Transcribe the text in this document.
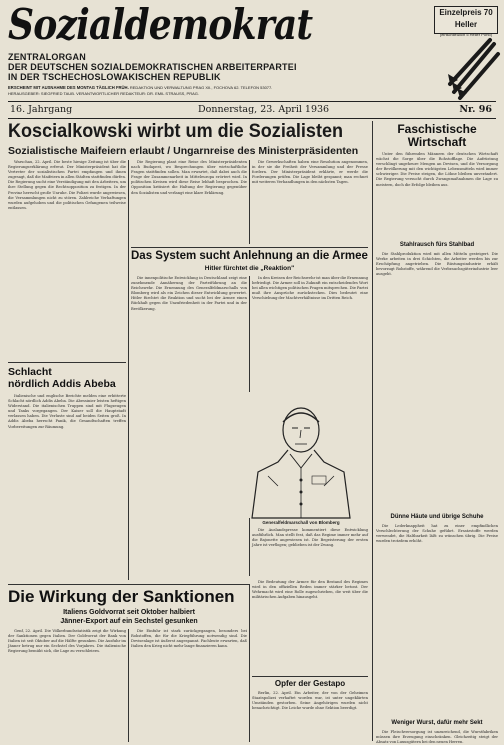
Sozialdemokrat	Einzelpreis 70 Heller
(einschließlich 5 Heller Porto)
ZENTRALORGAN
DER DEUTSCHEN SOZIALDEMOKRATISCHEN ARBEITERPARTEI
IN DER TSCHECHOSLOWAKISCHEN REPUBLIK
ERSCHEINT MIT AUSNAHME DES MONTAG TÄGLICH FRÜH. REDAKTION UND VERWALTUNG PRAG XII., FOCHOVA 62. TELEFON 53077.
HERAUSGEBER: SIEGFRIED TAUB. VERANTWORTLICHER REDAKTEUR: DR. EMIL STRAUSS, PRAG.
16. Jahrgang	Donnerstag, 23. April 1936	Nr. 96
Koscialkowski wirbt um die Sozialisten
Sozialistische Maifeiern erlaubt / Ungarnreise des Ministerpräsidenten

Warschau, 22. April. Die beste hiesige Zeitung ist über die Regierungserklärung erfreut. Der Ministerpräsident hat die Vertreter der sozialistischen Partei empfangen und ihnen zugesagt, daß die Maifeiern in allen Städten stattfinden dürfen. Die Regierung sucht eine Verständigung mit den Arbeitern, um ihre Stellung gegen die Rechtsopposition zu festigen. In der Provinz herrscht große Unruhe. Die Polizei wurde angewiesen, die Versammlungen nicht zu stören. Zahlreiche Verhaftungen wurden aufgehoben und die politischen Gefangenen teilweise entlassen.

Die Regierung plant eine Reise des Ministerpräsidenten nach Budapest, wo Besprechungen über wirtschaftliche Fragen stattfinden sollen. Man erwartet, daß dabei auch die Frage der Zusammenarbeit in Mitteleuropa erörtert wird. In politischen Kreisen wird diese Reise lebhaft besprochen. Die Opposition kritisiert die Haltung der Regierung gegenüber den Sozialisten und verlangt eine klare Erklärung.

Die Gewerkschaften haben eine Resolution angenommen, in der sie die Freiheit der Versammlung und der Presse fordern. Der Ministerpräsident erklärte, er werde die Forderungen prüfen. Die Lage bleibt gespannt; man rechnet mit weiteren Verhandlungen in den nächsten Tagen.

Faschistische
Wirtschaft

Unter den führenden Männern der deutschen Wirtschaft wächst die Sorge über die Rohstofflage. Die Aufrüstung verschlingt ungeheure Mengen an Devisen, und die Versorgung der Bevölkerung mit den wichtigsten Lebensmitteln wird immer schwieriger. Die Preise steigen, die Löhne bleiben unverändert. Die Regierung versucht durch Zwangsmaßnahmen die Lage zu meistern, doch die Erfolge bleiben aus.

Stahlrausch fürs Stahlbad

Die Stahlproduktion wird mit allen Mitteln gesteigert. Die Werke arbeiten in drei Schichten, die Arbeiter werden bis zur Erschöpfung angetrieben. Die Rüstungsindustrie erhält bevorzugt Rohstoffe, während die Verbrauchsgüterindustrie leer ausgeht.

Dünne Häute und übrige Schuhe

Die Lederknappheit hat zu einer empfindlichen Verschlechterung der Schuhe geführt. Ersatzstoffe werden verwendet, die Haltbarkeit läßt zu wünschen übrig. Die Preise wurden trotzdem erhöht.

Weniger Wurst, dafür mehr Sekt

Die Fleischversorgung ist unzureichend, die Wurstfabriken müssen ihre Erzeugung einschränken. Gleichzeitig steigt der Absatz von Luxusgütern bei den neuen Herren.

Schlacht
nördlich Addis Abeba

Italienische und englische Berichte melden eine erbitterte Schlacht nördlich Addis Abeba. Die Abessinier leisten heftigen Widerstand. Die italienischen Truppen sind mit Flugzeugen und Tanks vorgegangen. Der Kaiser soll die Hauptstadt verlassen haben. Die Verluste sind auf beiden Seiten groß. In Addis Abeba herrscht Panik, die Gesandtschaften treffen Vorbereitungen zur Räumung.

Das System sucht Anlehnung an die Armee
Hitler fürchtet die „Reaktion"

Die innenpolitische Entwicklung in Deutschland zeigt eine zunehmende Annäherung der Parteiführung an die Reichswehr. Die Ernennung des Generalfeldmarschalls von Blomberg wird als ein Zeichen dieser Entwicklung gewertet. Hitler fürchtet die Reaktion und sucht bei der Armee einen Rückhalt gegen die Unzufriedenheit in der Partei und in der Bevölkerung.

In den Kreisen der Reichswehr ist man über die Ernennung befriedigt. Die Armee soll in Zukunft ein entscheidendes Wort bei allen wichtigen politischen Fragen mitsprechen. Die Partei muß ihre Ansprüche zurückstecken. Dies bedeutet eine Verschiebung der Machtverhältnisse im Dritten Reich.

Generalfeldmarschall von Blomberg

Die Auslandspresse kommentiert diese Entwicklung ausführlich. Man stellt fest, daß das Regime immer mehr auf die Bajonette angewiesen ist. Die Begeisterung der ersten Jahre ist verflogen; geblieben ist der Zwang.

Die Wirkung der Sanktionen
Italiens Goldvorrat seit Oktober halbiert
Jänner-Export auf ein Sechstel gesunken

Genf, 22. April. Die Völkerbundsstatistik zeigt die Wirkung der Sanktionen gegen Italien. Der Goldvorrat der Bank von Italien ist seit Oktober auf die Hälfte gesunken. Die Ausfuhr im Jänner betrug nur ein Sechstel des Vorjahres. Die italienische Regierung bemüht sich, die Lage zu verschleiern.

Die Einfuhr ist stark zurückgegangen, besonders bei Rohstoffen, die für die Kriegführung notwendig sind. Die Devisenlage ist äußerst angespannt. Fachleute erwarten, daß Italien den Krieg nicht mehr lange finanzieren kann.

Die Bedeutung der Armee für den Bestand des Regimes wird in den offiziellen Reden immer stärker betont. Der Wehrmacht wird eine Rolle zugeschrieben, die weit über die militärischen Aufgaben hinausgeht.

Opfer der Gestapo

Berlin, 22. April. Ein Arbeiter, der von der Geheimen Staatspolizei verhaftet worden war, ist unter ungeklärten Umständen gestorben. Seine Angehörigen wurden nicht benachrichtigt. Die Leiche wurde ohne Sektion beerdigt.
